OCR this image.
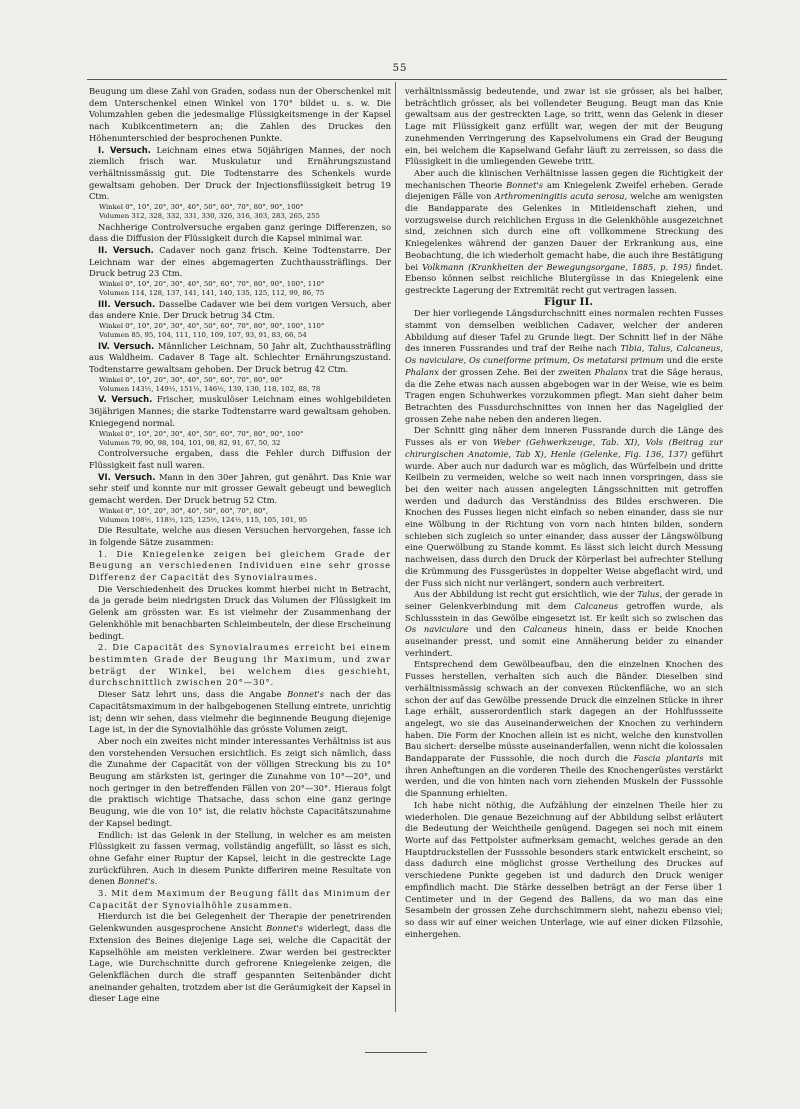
55

Beugung um diese Zahl von Graden, sodass nun der Oberschenkel mit dem Unterschenkel einen Winkel von 170° bildet u. s. w. Die Volumzahlen geben die jedesmalige Flüssigkeitsmenge in der Kapsel nach Kubikcentimetern an; die Zahlen des Druckes den Höhenunterschied der besprochenen Punkte.

I. Versuch. Leichnam eines etwa 50jährigen Mannes, der noch ziemlich frisch war. Muskulatur und Ernährungszustand verhältnissmässig gut. Die Todtenstarre des Schenkels wurde gewaltsam gehoben. Der Druck der Injectionsflüssigkeit betrug 19 Ctm.

Winkel 0°, 10°, 20°, 30°, 40°, 50°, 60°, 70°, 80°, 90°, 100°
Volumen 312, 328, 332, 331, 330, 326, 316, 303, 283, 265, 255

Nachherige Controlversuche ergaben ganz geringe Differenzen, so dass die Diffusion der Flüssigkeit durch die Kapsel minimal war.

II. Versuch. Cadaver noch ganz frisch. Keine Todtenstarre. Der Leichnam war der eines abgemagerten Zuchthaussträflings. Der Druck betrug 23 Ctm.

Winkel 0°, 10°, 20°, 30°, 40°, 50°, 60°, 70°, 80°, 90°, 100°, 110°
Volumen 114, 128, 137, 141, 141, 140, 135, 125, 112, 99, 86, 75

III. Versuch. Dasselbe Cadaver wie bei dem vorigen Versuch, aber das andere Knie. Der Druck betrug 34 Ctm.

Winkel 0°, 10°, 20°, 30°, 40°, 50°, 60°, 70°, 80°, 90°, 100°, 110°
Volumen 85, 95, 104, 111, 110, 109, 107, 93, 91, 83, 66, 54

IV. Versuch. Männlicher Leichnam, 50 Jahr alt, Zuchthaussträfling aus Waldheim. Cadaver 8 Tage alt. Schlechter Ernährungszustand. Todtenstarre gewaltsam gehoben. Der Druck betrug 42 Ctm.

Winkel 0°, 10°, 20°, 30°, 40°, 50°, 60°, 70°, 80°, 90°
Volumen 143½, 149½, 151½, 146½, 139, 130, 118, 102, 88, 78

V. Versuch. Frischer, muskulöser Leichnam eines wohlgebildeten 36jährigen Mannes; die starke Todtenstarre ward gewaltsam gehoben. Kniegegend normal.

Winkel 0°, 10°, 20°, 30°, 40°, 50°, 60°, 70°, 80°, 90°, 100°
Volumen 79, 90, 98, 104, 101, 98, 82, 91, 67, 50, 32

Controlversuche ergaben, dass die Fehler durch Diffusion der Flüssigkeit fast null waren.

VI. Versuch. Mann in den 30er Jahren, gut genährt. Das Knie war sehr steif und konnte nur mit grosser Gewalt gebeugt und beweglich gemacht werden. Der Druck betrug 52 Ctm.

Winkel 0°, 10°, 20°, 30°, 40°, 50°, 60°, 70°, 80°,
Volumen 108½, 118½, 125, 125½, 124½, 115, 105, 101, 95

Die Resultate, welche aus diesen Versuchen hervorgehen, fasse ich in folgende Sätze zusammen:

1. Die Kniegelenke zeigen bei gleichem Grade der Beugung an verschiedenen Individuen eine sehr grosse Differenz der Capacität des Synovialraumes.

Die Verschiedenheit des Druckes kommt hierbei nicht in Betracht, da ja gerade beim niedrigsten Druck das Volumen der Flüssigkeit im Gelenk am grössten war. Es ist vielmehr der Zusammenhang der Gelenkhöhle mit benachbarten Schleimbeuteln, der diese Erscheinung bedingt.

2. Die Capacität des Synovialraumes erreicht bei einem bestimmten Grade der Beugung ihr Maximum, und zwar beträgt der Winkel, bei welchem dies geschieht, durchschnittlich zwischen 20°—30°.

Dieser Satz lehrt uns, dass die Angabe Bonnet's nach der das Capacitätsmaximum in der halbgebogenen Stellung eintrete, unrichtig ist; denn wir sehen, dass vielmehr die beginnende Beugung diejenige Lage ist, in der die Synovialhöhle das grösste Volumen zeigt.

Aber noch ein zweites nicht minder interessantes Verhältniss ist aus den vorstehenden Versuchen ersichtlich. Es zeigt sich nämlich, dass die Zunahme der Capacität von der völligen Streckung bis zu 10° Beugung am stärksten ist, geringer die Zunahme von 10°—20°, und noch geringer in den betreffenden Fällen von 20°—30°. Hieraus folgt die praktisch wichtige Thatsache, dass schon eine ganz geringe Beugung, wie die von 10° ist, die relativ höchste Capacitätszunahme der Kapsel bedingt.

Endlich: ist das Gelenk in der Stellung, in welcher es am meisten Flüssigkeit zu fassen vermag, vollständig angefüllt, so lässt es sich, ohne Gefahr einer Ruptur der Kapsel, leicht in die gestreckte Lage zurückführen. Auch in diesem Punkte differiren meine Resultate von denen Bonnet's.

3. Mit dem Maximum der Beugung fällt das Minimum der Capacität der Synovialhöhle zusammen.

Hierdurch ist die bei Gelegenheit der Therapie der penetrirenden Gelenkwunden ausgesprochene Ansicht Bonnet's widerlegt, dass die Extension des Beines diejenige Lage sei, welche die Capacität der Kapselhöhle am meisten verkleinere. Zwar werden bei gestreckter Lage, wie Durchschnitte durch gefrorene Kniegelenke zeigen, die Gelenkflächen durch die straff gespannten Seitenbänder dicht aneinander gehalten, trotzdem aber ist die Geräumigkeit der Kapsel in dieser Lage eine

verhältnissmässig bedeutende, und zwar ist sie grösser, als bei halber, beträchtlich grösser, als bei vollendeter Beugung. Beugt man das Knie gewaltsam aus der gestreckten Lage, so tritt, wenn das Gelenk in dieser Lage mit Flüssigkeit ganz erfüllt war, wegen der mit der Beugung zunehmenden Verringerung des Kapselvolumens ein Grad der Beugung ein, bei welchem die Kapselwand Gefahr läuft zu zerreissen, so dass die Flüssigkeit in die umliegenden Gewebe tritt.

Aber auch die klinischen Verhältnisse lassen gegen die Richtigkeit der mechanischen Theorie Bonnet's am Kniegelenk Zweifel erheben. Gerade diejenigen Fälle von Arthromeningitis acuta serosa, welche am wenigsten die Bandapparate des Gelenkes in Mitleidenschaft ziehen, und vorzugsweise durch reichlichen Erguss in die Gelenkhöhle ausgezeichnet sind, zeichnen sich durch eine oft vollkommene Streckung des Kniegelenkes während der ganzen Dauer der Erkrankung aus, eine Beobachtung, die ich wiederholt gemacht habe, die auch ihre Bestätigung bei Volkmann (Krankheiten der Bewegungsorgane, 1885, p. 195) findet. Ebenso können selbst reichliche Blutergüsse in das Kniegelenk eine gestreckte Lagerung der Extremität recht gut vertragen lassen.

Figur II.

Der hier vorliegende Längsdurchschnitt eines normalen rechten Fusses stammt von demselben weiblichen Cadaver, welcher der anderen Abbildung auf dieser Tafel zu Grunde liegt. Der Schnitt lief in der Nähe des inneren Fussrandes und traf der Reihe nach Tibia, Talus, Calcaneus, Os naviculare, Os cuneiforme primum, Os metatarsi primum und die erste Phalanx der grossen Zehe. Bei der zweiten Phalanx trat die Säge heraus, da die Zehe etwas nach aussen abgebogen war in der Weise, wie es beim Tragen engen Schuhwerkes vorzukommen pflegt. Man sieht daher beim Betrachten des Fussdurchschnittes von innen her das Nagelglied der grossen Zehe nahe neben den anderen liegen.

Der Schnitt ging näher dem inneren Fussrande durch die Länge des Fusses als er von Weber (Gehwerkzeuge, Tab. XI), Vols (Beitrag zur chirurgischen Anatomie, Tab X), Henle (Gelenke, Fig. 136, 137) geführt wurde. Aber auch nur dadurch war es möglich, das Würfelbein und dritte Keilbein zu vermeiden, welche so weit nach innen vorspringen, dass sie bei den weiter nach aussen angelegten Längsschnitten mit getroffen werden und dadurch das Verständniss des Bildes erschweren. Die Knochen des Fusses liegen nicht einfach so neben einander, dass sie nur eine Wölbung in der Richtung von vorn nach hinten bilden, sondern schieben sich zugleich so unter einander, dass ausser der Längswölbung eine Querwölbung zu Stande kommt. Es lässt sich leicht durch Messung nachweisen, dass durch den Druck der Körperlast bei aufrechter Stellung die Krümmung des Fussgerüstes in doppelter Weise abgeflacht wird, und der Fuss sich nicht nur verlängert, sondern auch verbreitert.

Aus der Abbildung ist recht gut ersichtlich, wie der Talus, der gerade in seiner Gelenkverbindung mit dem Calcaneus getroffen wurde, als Schlussstein in das Gewölbe eingesetzt ist. Er keilt sich so zwischen das Os naviculare und den Calcaneus hinein, dass er beide Knochen auseinander presst, und somit eine Annäherung beider zu einander verhindert.

Entsprechend dem Gewölbeaufbau, den die einzelnen Knochen des Fusses herstellen, verhalten sich auch die Bänder. Dieselben sind verhältnissmässig schwach an der convexen Rückenfläche, wo an sich schon der auf das Gewölbe pressende Druck die einzelnen Stücke in ihrer Lage erhält, ausserordentlich stark dagegen an der Hohlfussseite angelegt, wo sie das Auseinanderweichen der Knochen zu verhindern haben. Die Form der Knochen allein ist es nicht, welche den kunstvollen Bau sichert: derselbe müsste auseinanderfallen, wenn nicht die kolossalen Bandapparate der Fusssohle, die noch durch die Fascia plantaris mit ihren Anheftungen an die vorderen Theile des Knochengerüstes verstärkt werden, und die von hinten nach vorn ziehenden Muskeln der Fusssohle die Spannung erhielten.

Ich habe nicht nöthig, die Aufzählung der einzelnen Theile hier zu wiederholen. Die genaue Bezeichnung auf der Abbildung selbst erläutert die Bedeutung der Weichtheile genügend. Dagegen sei noch mit einem Worte auf das Fettpolster aufmerksam gemacht, welches gerade an den Hauptdruckstellen der Fusssohle besonders stark entwickelt erscheint, so dass dadurch eine möglichst grosse Vertheilung des Druckes auf verschiedene Punkte gegeben ist und dadurch den Druck weniger empfindlich macht. Die Stärke desselben beträgt an der Ferse über 1 Centimeter und in der Gegend des Ballens, da wo man das eine Sesambein der grossen Zehe durchschimmern sieht, nahezu ebenso viel; so dass wir auf einer weichen Unterlage, wie auf einer dicken Filzsohle, einhergehen.
